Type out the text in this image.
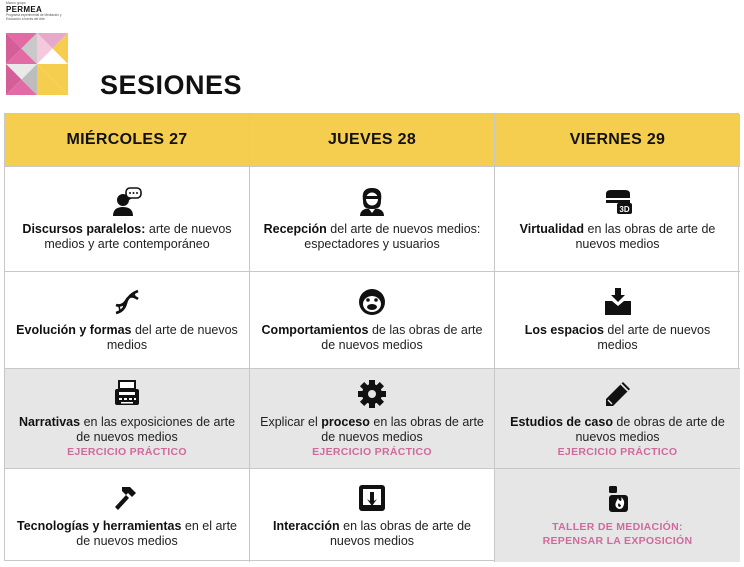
Marco grupo
PERMEA
Programa experimental de Mediación y Educación a través del Arte
SESIONES
MIÉRCOLES 27	JUEVES 28	VIERNES 29
Discursos paralelos: arte de nuevos medios y arte contemporáneo
Recepción del arte de nuevos medios: espectadores y usuarios
3D
Virtualidad en las obras de arte de nuevos medios
Evolución y formas del arte de nuevos medios
Comportamientos de las obras de arte de nuevos medios
Los espacios del arte de nuevos medios
Narrativas en las exposiciones de arte de nuevos medios
EJERCICIO PRÁCTICO
Explicar el proceso en las obras de arte de nuevos medios
EJERCICIO PRÁCTICO
Estudios de caso de obras de arte de nuevos medios
EJERCICIO PRÁCTICO
Tecnologías y herramientas en el arte de nuevos medios
Interacción en las obras de arte de nuevos medios
TALLER DE MEDIACIÓN:
REPENSAR LA EXPOSICIÓN
